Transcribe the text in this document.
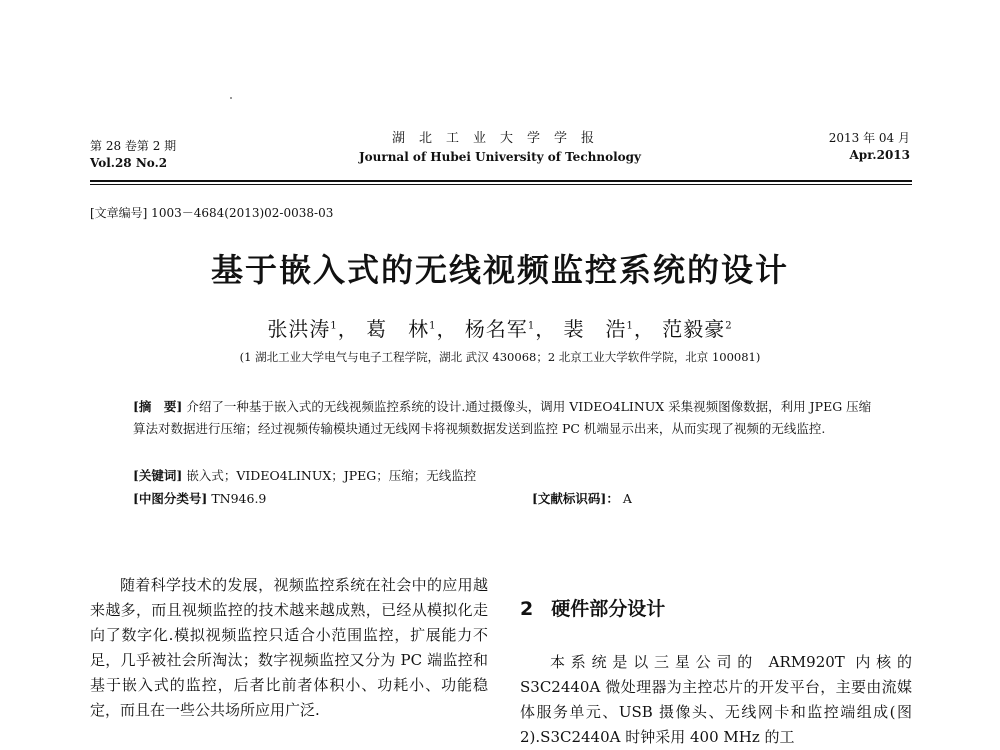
第 28 卷第 2 期
Vol.28 No.2
湖北工业大学学报
Journal of Hubei University of Technology
2013 年 04 月
Apr.2013
[文章编号] 1003－4684(2013)02-0038-03
基于嵌入式的无线视频监控系统的设计
张洪涛$^1$， 葛　林$^1$， 杨名军$^1$， 裴　浩$^1$， 范毅豪$^2$
(1 湖北工业大学电气与电子工程学院，湖北 武汉 430068；2 北京工业大学软件学院，北京 100081)
[摘　要] 介绍了一种基于嵌入式的无线视频监控系统的设计.通过摄像头，调用 VIDEO4LINUX 采集视频图像数据，利用 JPEG 压缩算法对数据进行压缩；经过视频传输模块通过无线网卡将视频数据发送到监控 PC 机端显示出来，从而实现了视频的无线监控.
[关键词] 嵌入式；VIDEO4LINUX；JPEG；压缩；无线监控
[中图分类号] TN946.9	[文献标识码]： A

随着科学技术的发展，视频监控系统在社会中的应用越来越多，而且视频监控的技术越来越成熟，已经从模拟化走向了数字化.模拟视频监控只适合小范围监控，扩展能力不足，几乎被社会所淘汰；数字视频监控又分为 PC 端监控和基于嵌入式的监控，后者比前者体积小、功耗小、功能稳定，而且在一些公共场所应用广泛.

2 硬件部分设计

本系统是以三星公司的 ARM920T 内核的 S3C2440A 微处理器为主控芯片的开发平台，主要由流媒体服务单元、USB 摄像头、无线网卡和监控端组成(图 2).S3C2440A 时钟采用 400 MHz 的工
